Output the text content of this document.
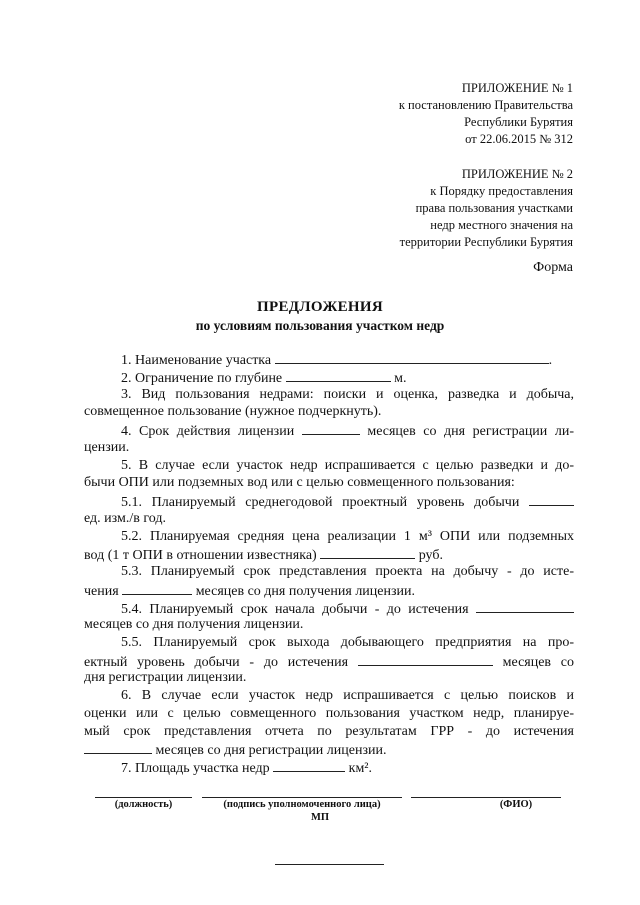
ПРИЛОЖЕНИЕ № 1
к постановлению Правительства
Республики Бурятия
от 22.06.2015 № 312
ПРИЛОЖЕНИЕ № 2
к Порядку предоставления
права пользования участками
недр местного значения на
территории Республики Бурятия
Форма
ПРЕДЛОЖЕНИЯ
по условиям пользования участком недр
1. Наименование участка	.
2. Ограничение по глубине	м.
3. Вид пользования недрами: поиски и оценка, разведка и добыча,
совмещенное пользование (нужное подчеркнуть).
4. Срок действия лицензии	месяцев со дня регистрации ли-
цензии.
5. В случае если участок недр испрашивается с целью разведки и до-
бычи ОПИ или подземных вод или с целью совмещенного пользования:
5.1. Планируемый среднегодовой проектный уровень добычи
ед. изм./в год.
5.2. Планируемая средняя цена реализации 1 м³ ОПИ или подземных
вод (1 т ОПИ в отношении известняка)	руб.
5.3. Планируемый срок представления проекта на добычу - до исте-
чения	месяцев со дня получения лицензии.
5.4. Планируемый срок начала добычи - до истечения
месяцев со дня получения лицензии.
5.5. Планируемый срок выхода добывающего предприятия на про-
ектный уровень добычи - до истечения	месяцев со
дня регистрации лицензии.
6. В случае если участок недр испрашивается с целью поисков и
оценки или с целью совмещенного пользования участком недр, планируе-
мый срок представления отчета по результатам ГРР - до истечения
месяцев со дня регистрации лицензии.
7. Площадь участка недр	км².
(должность)	(подпись уполномоченного лица)	(ФИО)
МП
